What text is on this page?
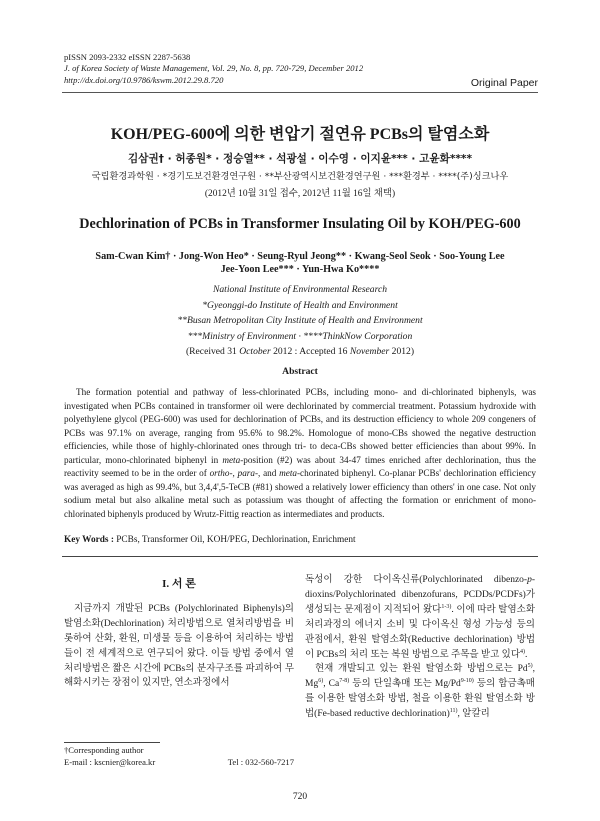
pISSN 2093-2332 eISSN 2287-5638
J. of Korea Society of Waste Management, Vol. 29, No. 8, pp. 720-729, December 2012
http://dx.doi.org/10.9786/kswm.2012.29.8.720	Original Paper
KOH/PEG-600에 의한 변압기 절연유 PCBs의 탈염소화
김삼권† · 허종원* · 정승열** · 석광설 · 이수영 · 이지윤*** · 고윤화****
국립환경과학원 · *경기도보건환경연구원 · **부산광역시보건환경연구원 · ***환경부 · ****(주)싱크나우
(2012년 10월 31일 접수, 2012년 11월 16일 채택)
Dechlorination of PCBs in Transformer Insulating Oil by KOH/PEG-600
Sam-Cwan Kim† · Jong-Won Heo* · Seung-Ryul Jeong** · Kwang-Seol Seok · Soo-Young Lee
Jee-Yoon Lee*** · Yun-Hwa Ko****
National Institute of Environmental Research
*Gyeonggi-do Institute of Health and Environment
**Busan Metropolitan City Institute of Health and Environment
***Ministry of Environment · ****ThinkNow Corporation
(Received 31 October 2012 : Accepted 16 November 2012)
Abstract
The formation potential and pathway of less-chlorinated PCBs, including mono- and di-chlorinated biphenyls, was investigated when PCBs contained in transformer oil were dechlorinated by commercial treatment. Potassium hydroxide with polyethylene glycol (PEG-600) was used for dechlorination of PCBs, and its destruction efficiency to whole 209 congeners of PCBs was 97.1% on average, ranging from 95.6% to 98.2%. Homologue of mono-CBs showed the negative destruction efficiencies, while those of highly-chlorinated ones through tri- to deca-CBs showed better efficiencies than about 99%. In particular, mono-chlorinated biphenyl in meta-position (#2) was about 34-47 times enriched after dechlorination, thus the reactivity seemed to be in the order of ortho-, para-, and meta-chorinated biphenyl. Co-planar PCBs' dechlorination efficiency was averaged as high as 99.4%, but 3,4,4',5-TeCB (#81) showed a relatively lower efficiency than others' in one case. Not only sodium metal but also alkaline metal such as potassium was thought of affecting the formation or enrichment of mono-chlorinated biphenyls produced by Wrutz-Fittig reaction as intermediates and products.
Key Words : PCBs, Transformer Oil, KOH/PEG, Dechlorination, Enrichment
I. 서 론

지금까지 개발된 PCBs (Polychlorinated Biphenyls)의 탈염소화(Dechlorination) 처리방법으로 열처리방법을 비롯하여 산화, 환원, 미생물 등을 이용하여 처리하는 방법들이 전 세계적으로 연구되어 왔다. 이들 방법 중에서 열처리방법은 짧은 시간에 PCBs의 분자구조를 파괴하여 무해화시키는 장점이 있지만, 연소과정에서

독성이 강한 다이옥신류(Polychlorinated dibenzo-p-dioxins/Polychlorinated dibenzofurans, PCDDs/PCDFs)가 생성되는 문제점이 지적되어 왔다$^{1-3)}$. 이에 따라 탈염소화 처리과정의 에너지 소비 및 다이옥신 형성 가능성 등의 관점에서, 환원 탈염소화(Reductive dechlorination) 방법이 PCBs의 처리 또는 복원 방법으로 주목을 받고 있다$^{4)}$.

현재 개발되고 있는 환원 탈염소화 방법으로는 Pd$^{5)}$, Mg$^{6)}$, Ca$^{7-8)}$ 등의 단일촉매 또는 Mg/Pd$^{9-10)}$ 등의 합금촉매를 이용한 탈염소화 방법, 철을 이용한 환원 탈염소화 방법(Fe-based reductive dechlorination)$^{11)}$, 알칼리

†Corresponding author
E-mail : kscnier@korea.kr	Tel : 032-560-7217
720
